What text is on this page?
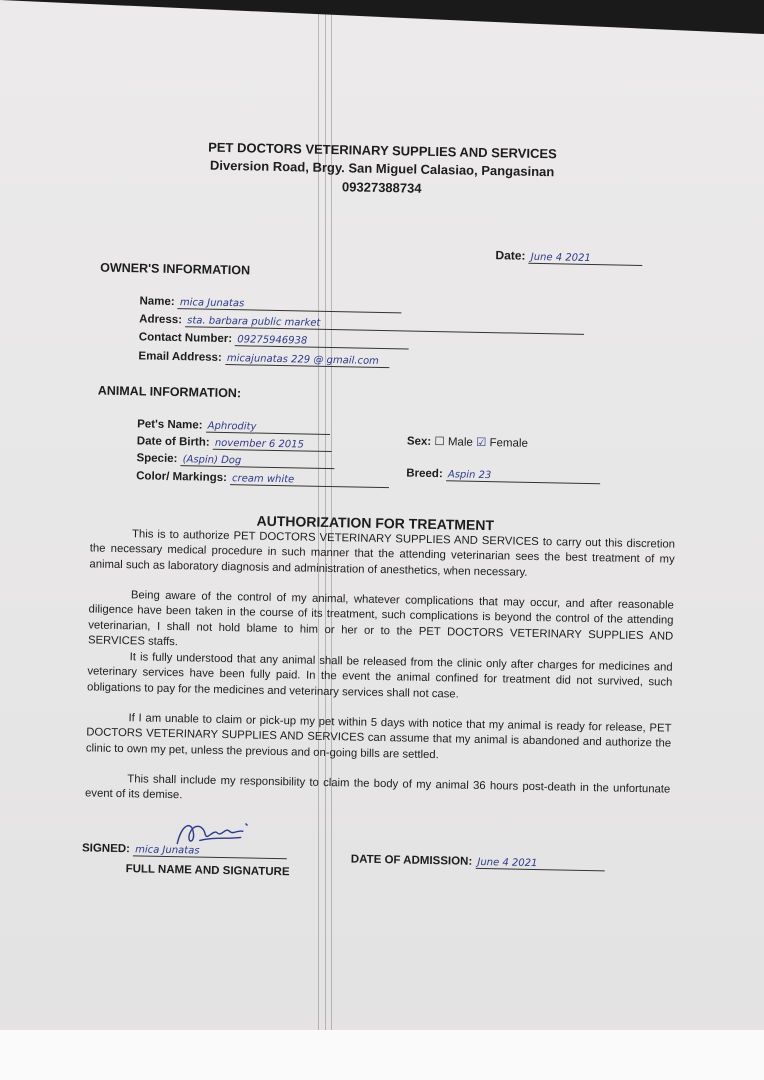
PET DOCTORS VETERINARY SUPPLIES AND SERVICES
Diversion Road, Brgy. San Miguel Calasiao, Pangasinan
09327388734
Date: June 4 2021
OWNER'S INFORMATION
Name: mica Junatas
Adress: sta. barbara public market
Contact Number: 09275946938
Email Address: micajunatas 229 @ gmail.com
ANIMAL INFORMATION:
Pet's Name: Aphrodity
Date of Birth: november 6 2015
Specie: (Aspin) Dog
Color/ Markings: cream white
Sex: ☐ Male ☑ Female
Breed: Aspin 23
AUTHORIZATION FOR TREATMENT

This is to authorize PET DOCTORS VETERINARY SUPPLIES AND SERVICES to carry out this discretion the necessary medical procedure in such manner that the attending veterinarian sees the best treatment of my animal such as laboratory diagnosis and administration of anesthetics, when necessary.

Being aware of the control of my animal, whatever complications that may occur, and after reasonable diligence have been taken in the course of its treatment, such complications is beyond the control of the attending veterinarian, I shall not hold blame to him or her or to the PET DOCTORS VETERINARY SUPPLIES AND SERVICES staffs.

It is fully understood that any animal shall be released from the clinic only after charges for medicines and veterinary services have been fully paid. In the event the animal confined for treatment did not survived, such obligations to pay for the medicines and veterinary services shall not case.

If I am unable to claim or pick-up my pet within 5 days with notice that my animal is ready for release, PET DOCTORS VETERINARY SUPPLIES AND SERVICES can assume that my animal is abandoned and authorize the clinic to own my pet, unless the previous and on-going bills are settled.

This shall include my responsibility to claim the body of my animal 36 hours post-death in the unfortunate event of its demise.

SIGNED: mica Junatas
FULL NAME AND SIGNATURE
DATE OF ADMISSION: June 4 2021
